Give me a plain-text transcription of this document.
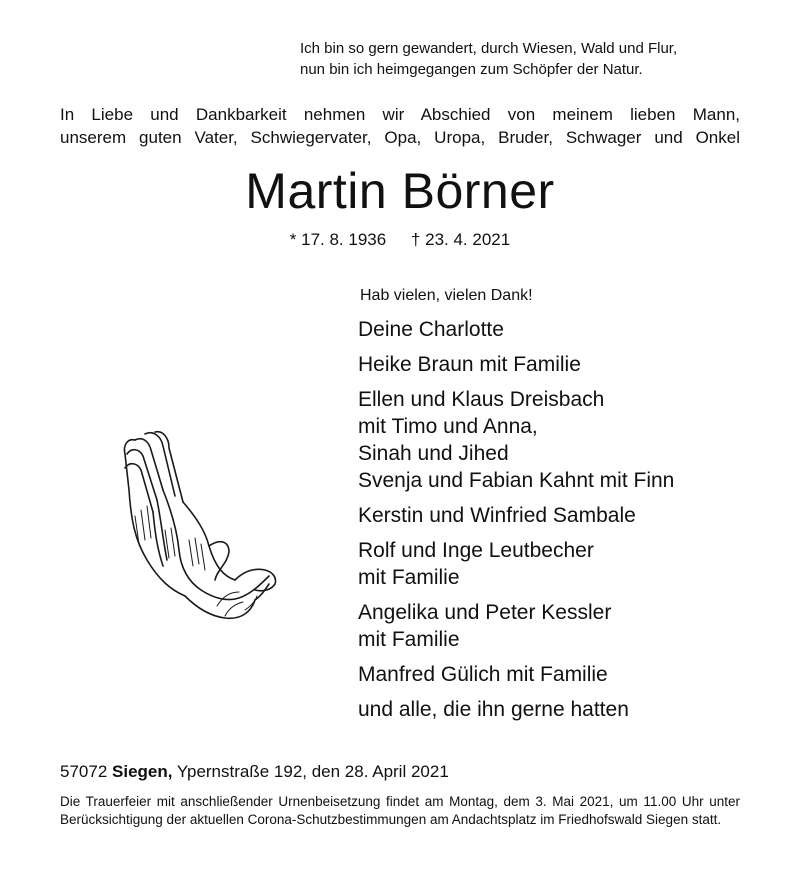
Ich bin so gern gewandert, durch Wiesen, Wald und Flur,
nun bin ich heimgegangen zum Schöpfer der Natur.
In Liebe und Dankbarkeit nehmen wir Abschied von meinem lieben Mann,
unserem guten Vater, Schwiegervater, Opa, Uropa, Bruder, Schwager und Onkel
Martin Börner
* 17. 8. 1936 † 23. 4. 2021
Hab vielen, vielen Dank!
Deine Charlotte
Heike Braun mit Familie
Ellen und Klaus Dreisbach
mit Timo und Anna,
Sinah und Jihed
Svenja und Fabian Kahnt mit Finn
Kerstin und Winfried Sambale
Rolf und Inge Leutbecher
mit Familie
Angelika und Peter Kessler
mit Familie
Manfred Gülich mit Familie
und alle, die ihn gerne hatten
57072 Siegen, Ypernstraße 192, den 28. April 2021
Die Trauerfeier mit anschließender Urnenbeisetzung findet am Montag, dem 3. Mai 2021, um 11.00 Uhr unter Berücksichtigung der aktuellen Corona-Schutzbestimmungen am Andachtsplatz im Friedhofswald Siegen statt.
